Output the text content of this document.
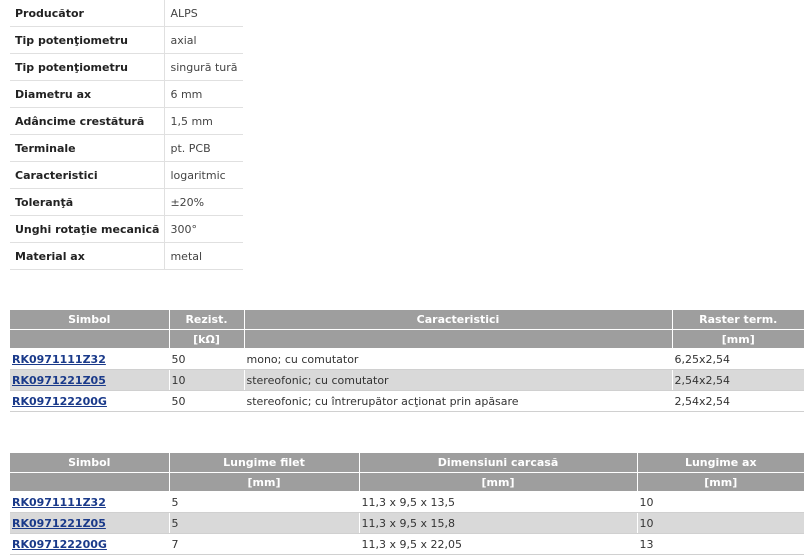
Producător	ALPS
Tip potenţiometru	axial
Tip potenţiometru	singură tură
Diametru ax	6 mm
Adâncime crestătură	1,5 mm
Terminale	pt. PCB
Caracteristici	logaritmic
Toleranţă	±20%
Unghi rotaţie mecanică	300°
Material ax	metal
Simbol	Rezist.	Caracteristici	Raster term.
	[kΩ]		[mm]
RK0971111Z32	50	mono; cu comutator	6,25x2,54
RK0971221Z05	10	stereofonic; cu comutator	2,54x2,54
RK097122200G	50	stereofonic; cu întrerupător acţionat prin apăsare	2,54x2,54
Simbol	Lungime filet	Dimensiuni carcasă	Lungime ax
	[mm]	[mm]	[mm]
RK0971111Z32	5	11,3 x 9,5 x 13,5	10
RK0971221Z05	5	11,3 x 9,5 x 15,8	10
RK097122200G	7	11,3 x 9,5 x 22,05	13
